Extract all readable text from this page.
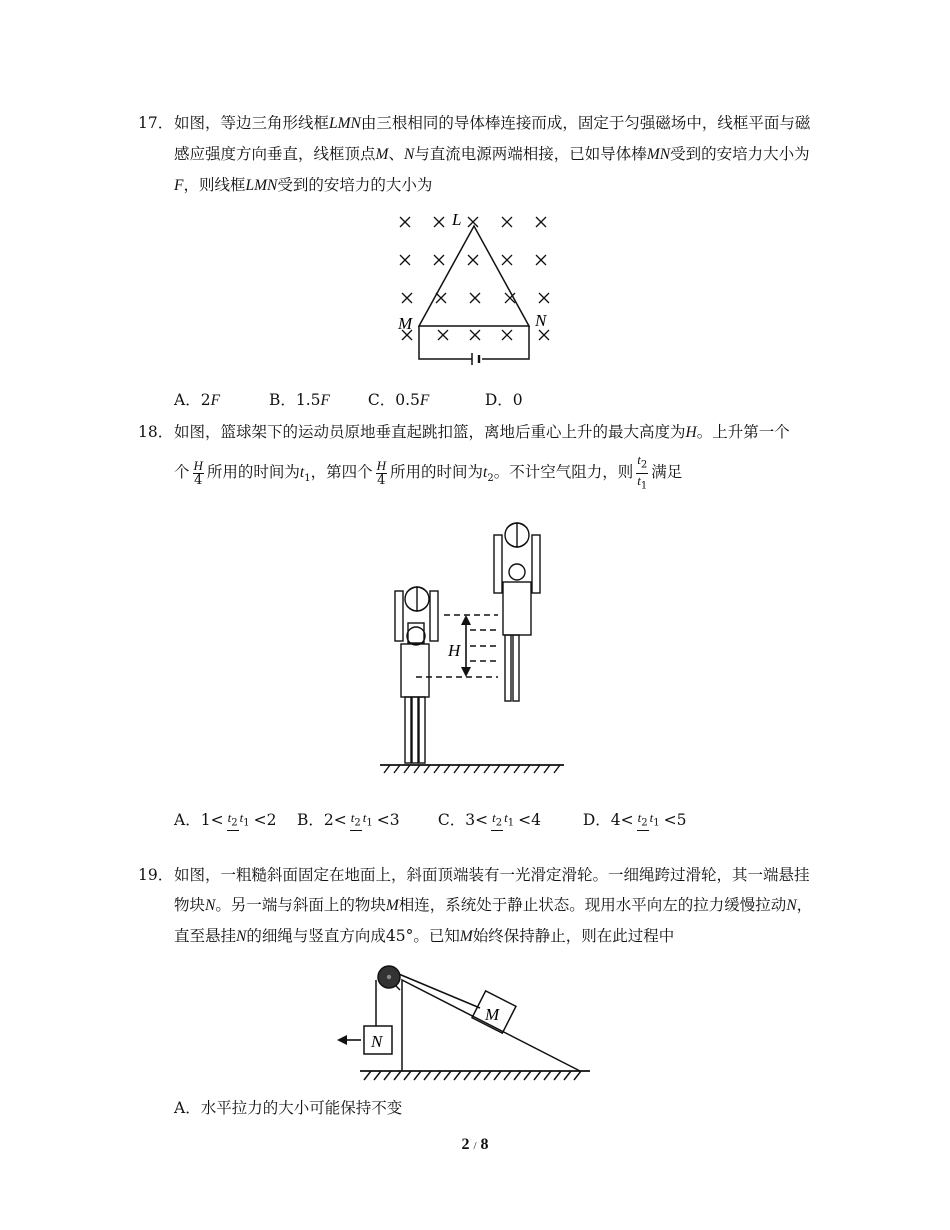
17． 如图，等边三角形线框LMN由三根相同的导体棒连接而成，固定于匀强磁场中，线框平面与磁感应强度方向垂直，线框顶点M、N与直流电源两端相接，已如导体棒MN受到的安培力大小为F，则线框LMN受到的安培力的大小为
L
M	N
A．2F	B．1.5F C．0.5F	D．0
18． 如图，篮球架下的运动员原地垂直起跳扣篮，离地后重心上升的最大高度为H。上升第一个
个 $\frac{H}{4}$ 所用的时间为$t_1$，第四个 $\frac{H}{4}$ 所用的时间为$t_2$。不计空气阻力，则 $\frac{t_2}{t_1}$ 满足
H
A．$1< t_2$ $t_1 <2$ B．$2< t_2$ $t_1 <3$ C．$3< t_2$ $t_1 <4$	D．$4< t_2$ $t_1 <5$
19． 如图，一粗糙斜面固定在地面上，斜面顶端装有一光滑定滑轮。一细绳跨过滑轮，其一端悬挂物块N。另一端与斜面上的物块M相连，系统处于静止状态。现用水平向左的拉力缓慢拉动N，直至悬挂N的细绳与竖直方向成45°。已知M始终保持静止，则在此过程中
N
M
A．水平拉力的大小可能保持不变
2 / 8
